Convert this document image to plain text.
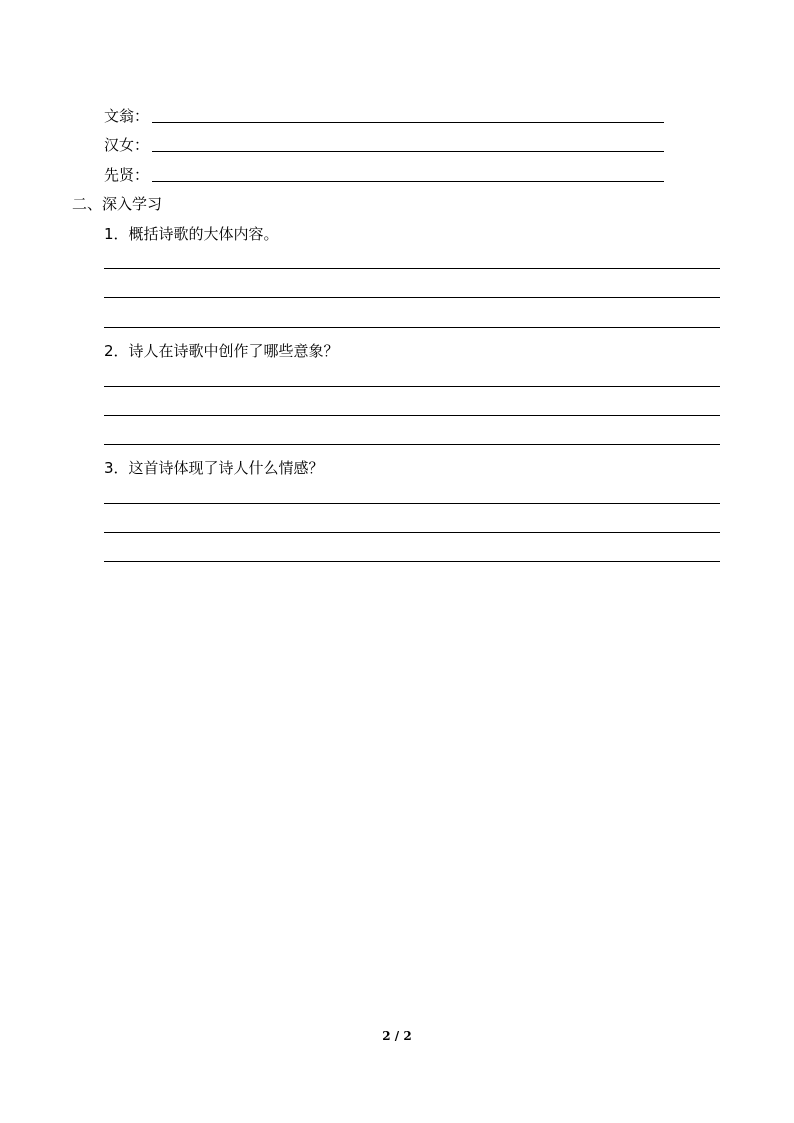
文翁：
汉女：
先贤：
二、深入学习
1．概括诗歌的大体内容。
2．诗人在诗歌中创作了哪些意象？
3．这首诗体现了诗人什么情感？
2 / 2
